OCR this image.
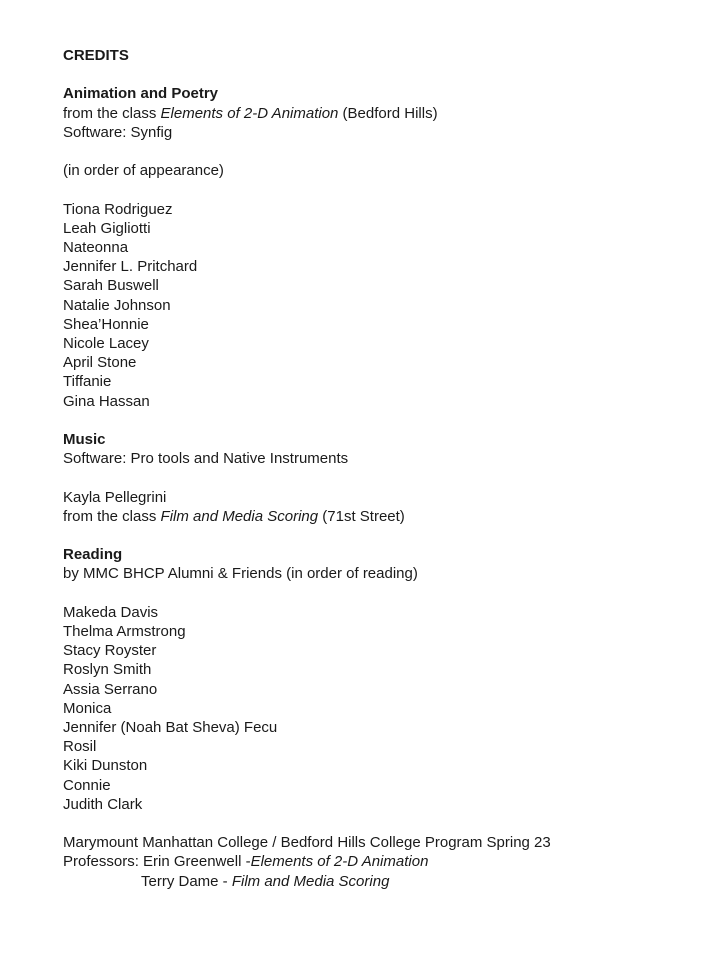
CREDITS
Animation and Poetry
from the class Elements of 2-D Animation (Bedford Hills)
Software: Synfig
(in order of appearance)
Tiona Rodriguez
Leah Gigliotti
Nateonna
Jennifer L. Pritchard
Sarah Buswell
Natalie Johnson
Shea’Honnie
Nicole Lacey
April Stone
Tiffanie
Gina Hassan
Music
Software: Pro tools and Native Instruments
Kayla Pellegrini
from the class Film and Media Scoring (71st Street)
Reading
by MMC BHCP Alumni & Friends (in order of reading)
Makeda Davis
Thelma Armstrong
Stacy Royster
Roslyn Smith
Assia Serrano
Monica
Jennifer (Noah Bat Sheva) Fecu
Rosil
Kiki Dunston
Connie
Judith Clark
Marymount Manhattan College / Bedford Hills College Program Spring 23
Professors: Erin Greenwell -Elements of 2-D Animation
Terry Dame - Film and Media Scoring
